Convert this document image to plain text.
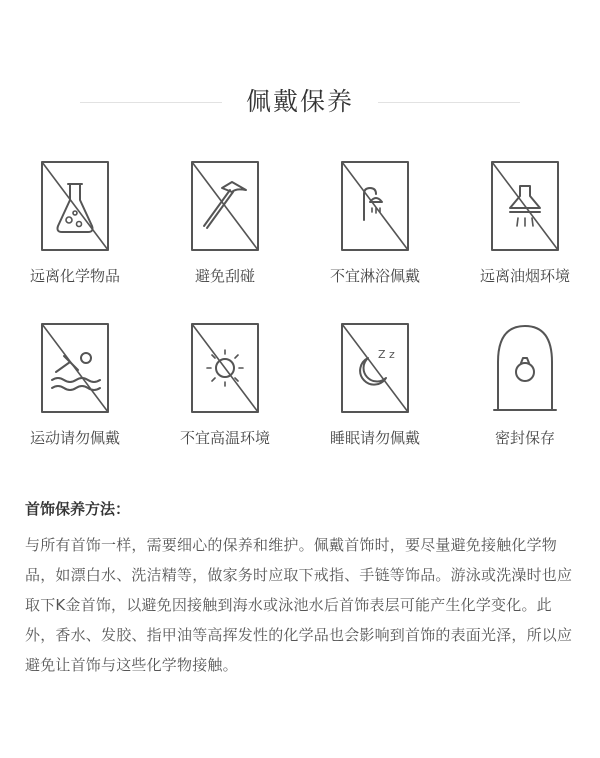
佩戴保养
远离化学物品	避免刮碰	不宜淋浴佩戴	远离油烟环境
运动请勿佩戴	不宜高温环境
Z z
睡眠请勿佩戴	密封保存
首饰保养方法：
与所有首饰一样，需要细心的保养和维护。佩戴首饰时，要尽量避免接触化学物品，如漂白水、洗洁精等，做家务时应取下戒指、手链等饰品。游泳或洗澡时也应取下K金首饰，以避免因接触到海水或泳池水后首饰表层可能产生化学变化。此外，香水、发胶、指甲油等高挥发性的化学品也会影响到首饰的表面光泽，所以应避免让首饰与这些化学物接触。
